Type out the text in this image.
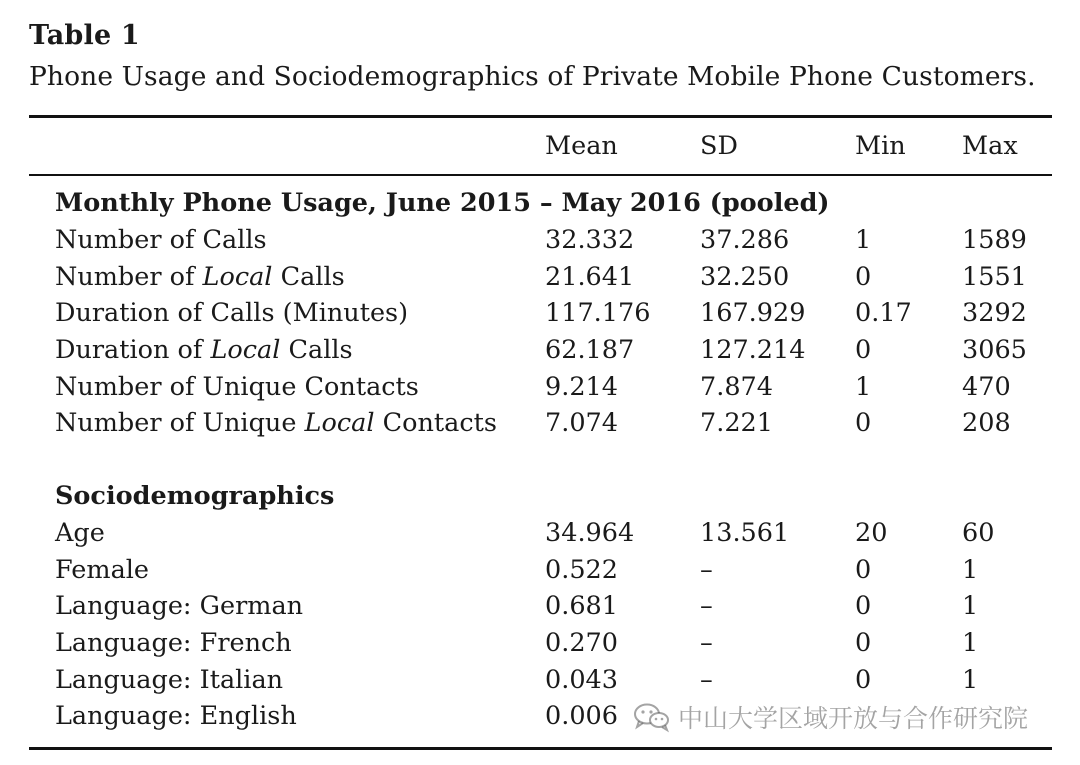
Table 1
Phone Usage and Sociodemographics of Private Mobile Phone Customers.
Mean	SD	Min Max
Monthly Phone Usage, June 2015 – May 2016 (pooled)
Number of Calls	32.332	37.286	1	1589
Number of Local Calls	21.641	32.250	0	1551
Duration of Calls (Minutes)	117.176 167.929 0.17 3292
Duration of Local Calls	62.187	127.214 0	3065
Number of Unique Contacts	9.214	7.874	1	470
Number of Unique Local Contacts 7.074	7.221	0	208
Sociodemographics
Age	34.964	13.561	20	60
Female	0.522	–	0	1
Language: German	0.681	–	0	1
Language: French	0.270	–	0	1
Language: Italian	0.043	–	0	1
Language: English	0.006 中山大学区域开放与合作研究院
